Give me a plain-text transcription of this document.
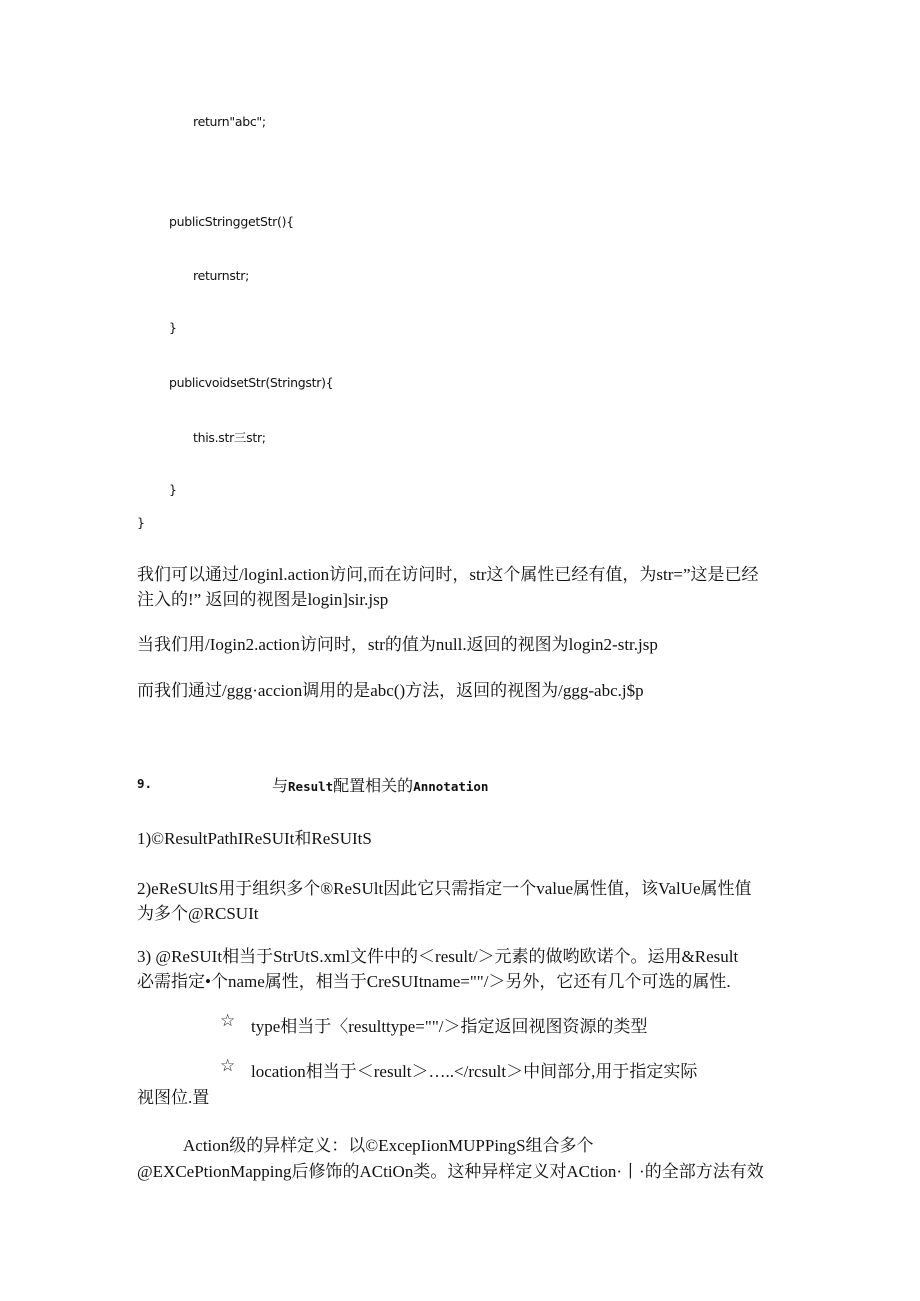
return"abc";
publicStringgetStr(){
returnstr;
}
publicvoidsetStr(Stringstr){
this.str三str;
}
}
我们可以通过/loginl.action访问,而在访问时，str这个属性已经有值，为str=”这是已经
注入的!” 返回的视图是login]sir.jsp
当我们用/Iogin2.action访问时，str的值为null.返回的视图为login2-str.jsp
而我们通过/ggg·accion调用的是abc()方法，返回的视图为/ggg-abc.j$p
9.	与Result配置相关的Annotation
1)©ResultPathIReSUIt和ReSUItS
2)eReSUltS用于组织多个®ReSUlt因此它只需指定一个value属性值，该ValUe属性值
为多个@RCSUIt
3) @ReSUIt相当于StrUtS.xml文件中的＜result/＞元素的做哟欧诺个。运用&Result
必需指定•个name属性，相当于CreSUItname=""/＞另外，它还有几个可选的属性.
☆ type相当于〈resulttype=""/＞指定返回视图资源的类型
☆ location相当于＜result＞…..</rcsult＞中间部分,用于指定实际
视图位.置
Action级的异样定义：以©ExcepIionMUPPingS组合多个
@EXCePtionMapping后修饰的ACtiOn类。这种异样定义对ACtion·丨·的全部方法有效
